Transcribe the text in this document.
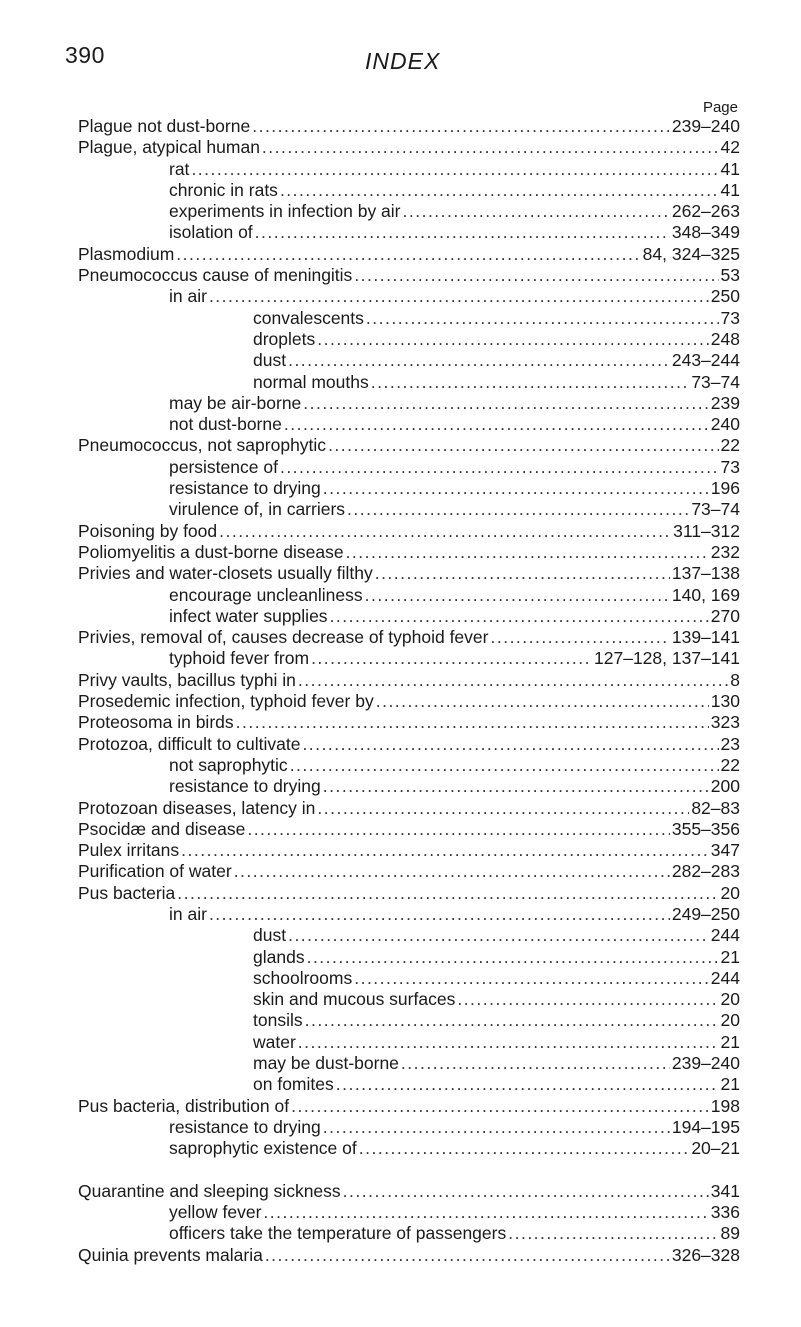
390	INDEX
Page
Plague not dust-borne .....	239–240
Plague, atypical human .....	42
rat .....	41
chronic in rats .....	41
experiments in infection by air .....	262–263
isolation of .....	348–349
Plasmodium .....	84, 324–325
Pneumococcus cause of meningitis .....	53
in air .....	250
convalescents .....	73
droplets .....	248
dust .....	243–244
normal mouths .....	73–74
may be air-borne .....	239
not dust-borne .....	240
Pneumococcus, not saprophytic .....	22
persistence of .....	73
resistance to drying .....	196
virulence of, in carriers .....	73–74
Poisoning by food .....	311–312
Poliomyelitis a dust-borne disease .....	232
Privies and water-closets usually filthy .....	137–138
encourage uncleanliness .....	140, 169
infect water supplies .....	270
Privies, removal of, causes decrease of typhoid fever .....	139–141
typhoid fever from .....	127–128, 137–141
Privy vaults, bacillus typhi in .....	8
Prosedemic infection, typhoid fever by .....	130
Proteosoma in birds .....	323
Protozoa, difficult to cultivate .....	23
not saprophytic .....	22
resistance to drying .....	200
Protozoan diseases, latency in .....	82–83
Psocidæ and disease .....	355–356
Pulex irritans .....	347
Purification of water .....	282–283
Pus bacteria .....	20
in air .....	249–250
dust .....	244
glands .....	21
schoolrooms .....	244
skin and mucous surfaces .....	20
tonsils .....	20
water .....	21
may be dust-borne .....	239–240
on fomites .....	21
Pus bacteria, distribution of .....	198
resistance to drying .....	194–195
saprophytic existence of .....	20–21
Quarantine and sleeping sickness .....	341
yellow fever .....	336
officers take the temperature of passengers .....	89
Quinia prevents malaria .....	326–328
